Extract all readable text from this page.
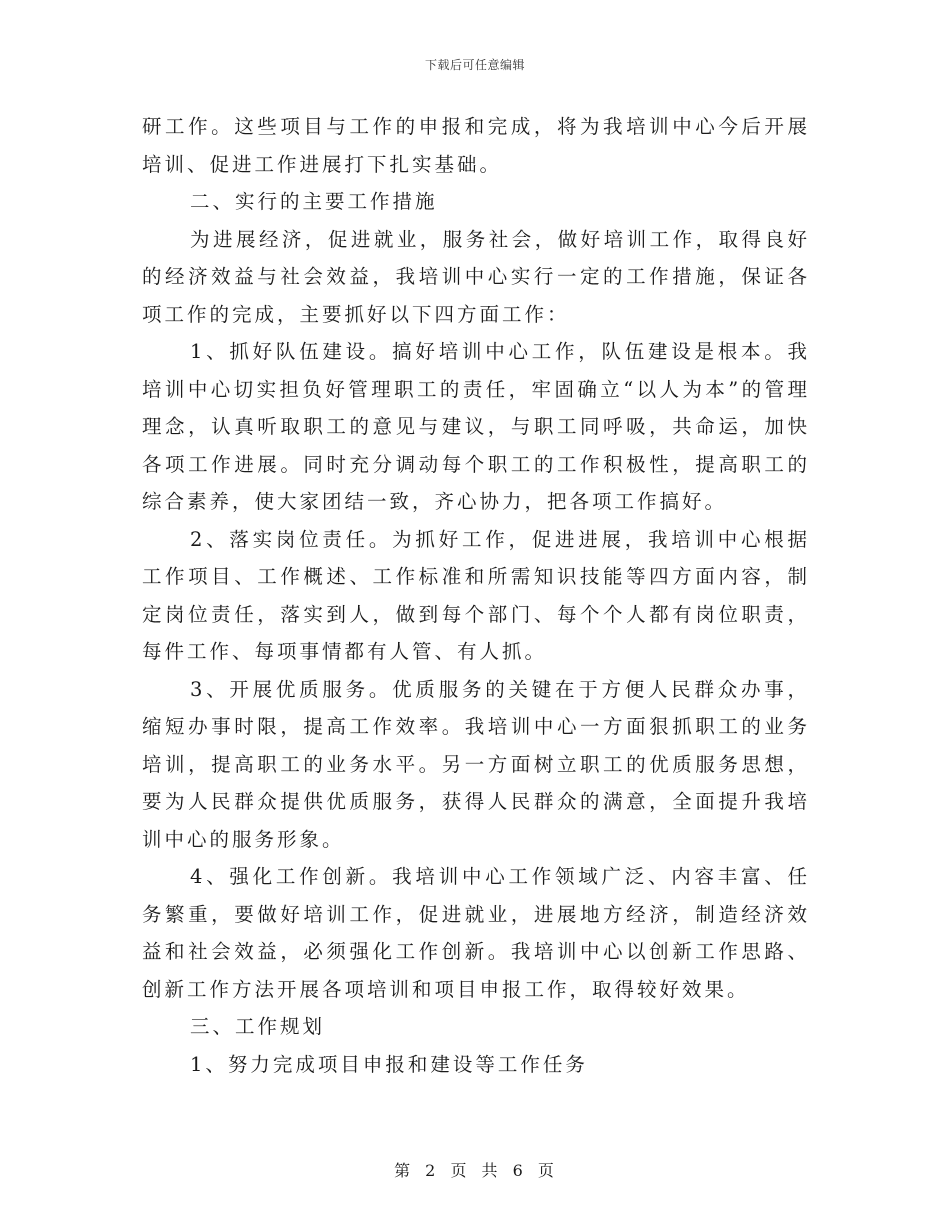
下载后可任意编辑

研工作。这些项目与工作的申报和完成，将为我培训中心今后开展培训、促进工作进展打下扎实基础。

二、实行的主要工作措施

为进展经济，促进就业，服务社会，做好培训工作，取得良好的经济效益与社会效益，我培训中心实行一定的工作措施，保证各项工作的完成，主要抓好以下四方面工作：

1、抓好队伍建设。搞好培训中心工作，队伍建设是根本。我培训中心切实担负好管理职工的责任，牢固确立“以人为本”的管理理念，认真听取职工的意见与建议，与职工同呼吸，共命运，加快各项工作进展。同时充分调动每个职工的工作积极性，提高职工的综合素养，使大家团结一致，齐心协力，把各项工作搞好。

2、落实岗位责任。为抓好工作，促进进展，我培训中心根据工作项目、工作概述、工作标准和所需知识技能等四方面内容，制定岗位责任，落实到人，做到每个部门、每个个人都有岗位职责，每件工作、每项事情都有人管、有人抓。

3、开展优质服务。优质服务的关键在于方便人民群众办事，缩短办事时限，提高工作效率。我培训中心一方面狠抓职工的业务培训，提高职工的业务水平。另一方面树立职工的优质服务思想，要为人民群众提供优质服务，获得人民群众的满意，全面提升我培训中心的服务形象。

4、强化工作创新。我培训中心工作领域广泛、内容丰富、任务繁重，要做好培训工作，促进就业，进展地方经济，制造经济效益和社会效益，必须强化工作创新。我培训中心以创新工作思路、创新工作方法开展各项培训和项目申报工作，取得较好效果。

三、工作规划

1、努力完成项目申报和建设等工作任务

第 2 页 共 6 页
